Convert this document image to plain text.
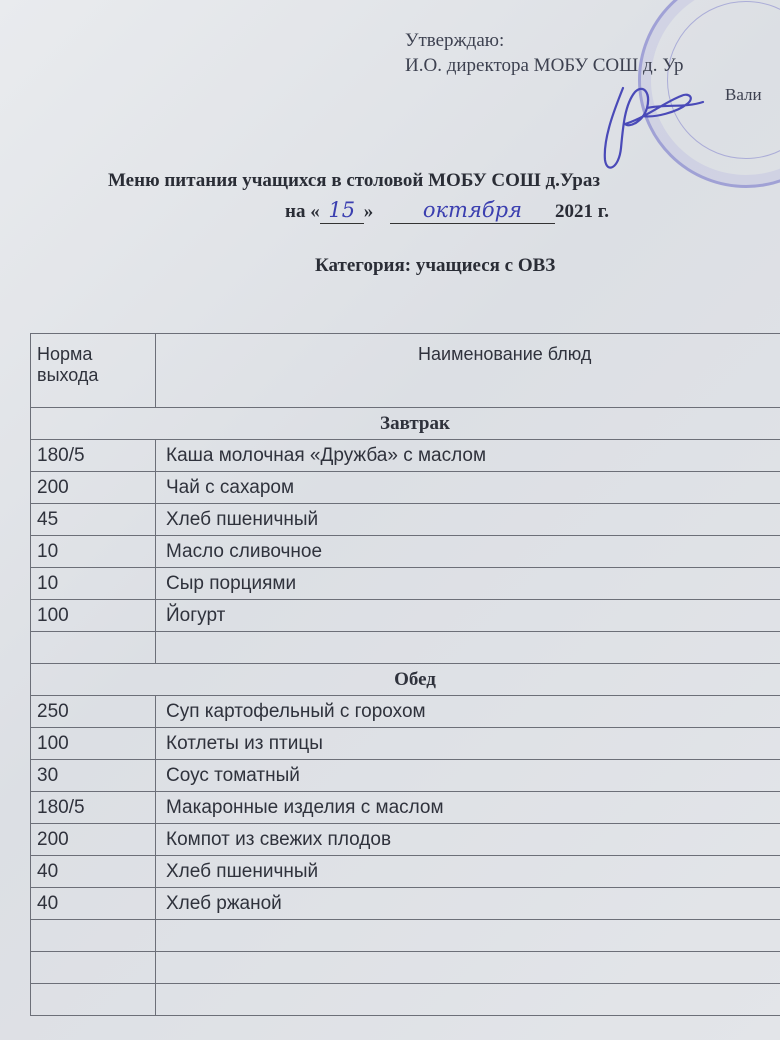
Утверждаю:
И.О. директора МОБУ СОШ д. Ур
Вали
Меню питания учащихся в столовой МОБУ СОШ д.Ураз
на « 15 » октября 2021 г.
Категория: учащиеся с ОВЗ
Норма выхода	Наименование блюд
Завтрак	
180/5	Каша молочная «Дружба» с маслом
200	Чай с сахаром
45	Хлеб пшеничный
10	Масло сливочное
10	Сыр порциями
100	Йогурт

Обед	
250	Суп картофельный с горохом
100	Котлеты из птицы
30	Соус томатный
180/5	Макаронные изделия с маслом
200	Компот из свежих плодов
40	Хлеб пшеничный
40	Хлеб ржаной
